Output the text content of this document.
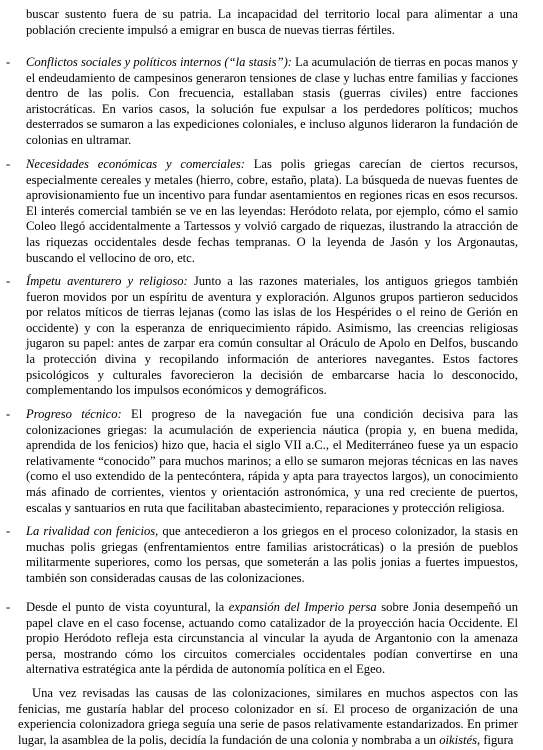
buscar sustento fuera de su patria. La incapacidad del territorio local para alimentar a una población creciente impulsó a emigrar en busca de nuevas tierras fértiles.

-	Conflictos sociales y políticos internos (“la stasis”): La acumulación de tierras en pocas manos y el endeudamiento de campesinos generaron tensiones de clase y luchas entre familias y facciones dentro de las polis. Con frecuencia, estallaban stasis (guerras civiles) entre facciones aristocráticas. En varios casos, la solución fue expulsar a los perdedores políticos; muchos desterrados se sumaron a las expediciones coloniales, e incluso algunos lideraron la fundación de colonias en ultramar.

-	Necesidades económicas y comerciales: Las polis griegas carecían de ciertos recursos, especialmente cereales y metales (hierro, cobre, estaño, plata). La búsqueda de nuevas fuentes de aprovisionamiento fue un incentivo para fundar asentamientos en regiones ricas en esos recursos. El interés comercial también se ve en las leyendas: Heródoto relata, por ejemplo, cómo el samio Coleo llegó accidentalmente a Tartessos y volvió cargado de riquezas, ilustrando la atracción de las riquezas occidentales desde fechas tempranas. O la leyenda de Jasón y los Argonautas, buscando el vellocino de oro, etc.

-	Ímpetu aventurero y religioso: Junto a las razones materiales, los antiguos griegos también fueron movidos por un espíritu de aventura y exploración. Algunos grupos partieron seducidos por relatos míticos de tierras lejanas (como las islas de los Hespérides o el reino de Gerión en occidente) y con la esperanza de enriquecimiento rápido. Asimismo, las creencias religiosas jugaron su papel: antes de zarpar era común consultar al Oráculo de Apolo en Delfos, buscando la protección divina y recopilando información de anteriores navegantes. Estos factores psicológicos y culturales favorecieron la decisión de embarcarse hacia lo desconocido, complementando los impulsos económicos y demográficos.

-	Progreso técnico: El progreso de la navegación fue una condición decisiva para las colonizaciones griegas: la acumulación de experiencia náutica (propia y, en buena medida, aprendida de los fenicios) hizo que, hacia el siglo VII a.C., el Mediterráneo fuese ya un espacio relativamente “conocido” para muchos marinos; a ello se sumaron mejoras técnicas en las naves (como el uso extendido de la pentecóntera, rápida y apta para trayectos largos), un conocimiento más afinado de corrientes, vientos y orientación astronómica, y una red creciente de puertos, escalas y santuarios en ruta que facilitaban abastecimiento, reparaciones y protección religiosa.

-	La rivalidad con fenicios, que antecedieron a los griegos en el proceso colonizador, la stasis en muchas polis griegas (enfrentamientos entre familias aristocráticas) o la presión de pueblos militarmente superiores, como los persas, que someterán a las polis jonias a fuertes impuestos, también son consideradas causas de las colonizaciones.

-	Desde el punto de vista coyuntural, la expansión del Imperio persa sobre Jonia desempeñó un papel clave en el caso focense, actuando como catalizador de la proyección hacia Occidente. El propio Heródoto refleja esta circunstancia al vincular la ayuda de Argantonio con la amenaza persa, mostrando cómo los circuitos comerciales occidentales podían convertirse en una alternativa estratégica ante la pérdida de autonomía política en el Egeo.

Una vez revisadas las causas de las colonizaciones, similares en muchos aspectos con las fenicias, me gustaría hablar del proceso colonizador en sí. El proceso de organización de una experiencia colonizadora griega seguía una serie de pasos relativamente estandarizados. En primer lugar, la asamblea de la polis, decidía la fundación de una colonia y nombraba a un oikistés, figura
